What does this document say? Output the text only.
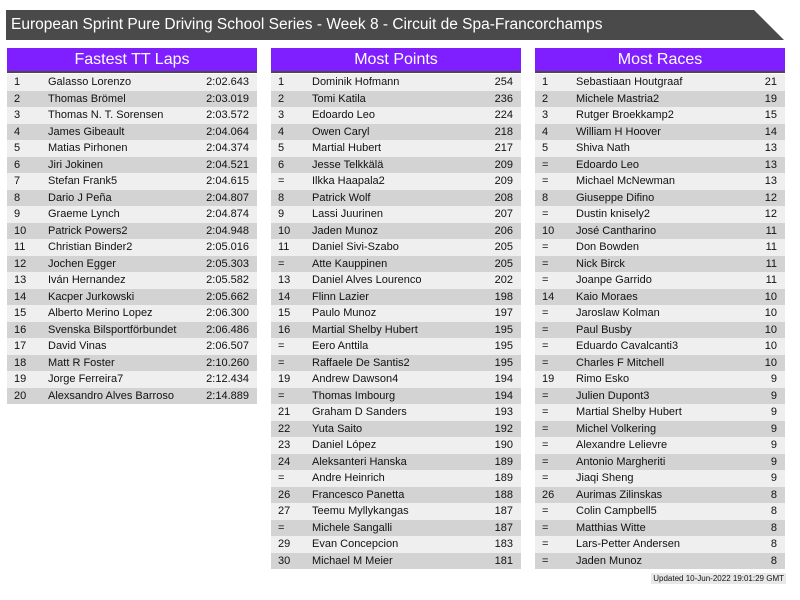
European Sprint Pure Driving School Series - Week 8 - Circuit de Spa-Francorchamps
Fastest TT Laps
1	Galasso Lorenzo	2:02.643
2	Thomas Brömel	2:03.019
3	Thomas N. T. Sorensen	2:03.572
4	James Gibeault	2:04.064
5	Matias Pirhonen	2:04.374
6	Jiri Jokinen	2:04.521
7	Stefan Frank5	2:04.615
8	Dario J Peña	2:04.807
9	Graeme Lynch	2:04.874
10 Patrick Powers2	2:04.948
11 Christian Binder2	2:05.016
12 Jochen Egger	2:05.303
13 Iván Hernandez	2:05.582
14 Kacper Jurkowski	2:05.662
15 Alberto Merino Lopez	2:06.300
16 Svenska Bilsportförbundet	2:06.486
17 David Vinas	2:06.507
18 Matt R Foster	2:10.260
19 Jorge Ferreira7	2:12.434
20 Alexsandro Alves Barroso	2:14.889
Most Points
1	Dominik Hofmann	254
2	Tomi Katila	236
3	Edoardo Leo	224
4	Owen Caryl	218
5	Martial Hubert	217
6	Jesse Telkkälä	209
=	Ilkka Haapala2	209
8	Patrick Wolf	208
9	Lassi Juurinen	207
10 Jaden Munoz	206
11 Daniel Sivi-Szabo	205
=	Atte Kauppinen	205
13 Daniel Alves Lourenco	202
14 Flinn Lazier	198
15 Paulo Munoz	197
16 Martial Shelby Hubert	195
=	Eero Anttila	195
=	Raffaele De Santis2	195
19 Andrew Dawson4	194
=	Thomas Imbourg	194
21 Graham D Sanders	193
22 Yuta Saito	192
23 Daniel López	190
24 Aleksanteri Hanska	189
=	Andre Heinrich	189
26 Francesco Panetta	188
27 Teemu Myllykangas	187
=	Michele Sangalli	187
29 Evan Concepcion	183
30 Michael M Meier	181
Most Races
1	Sebastiaan Houtgraaf	21
2	Michele Mastria2	19
3	Rutger Broekkamp2	15
4	William H Hoover	14
5	Shiva Nath	13
=	Edoardo Leo	13
=	Michael McNewman	13
8	Giuseppe Difino	12
=	Dustin knisely2	12
10 José Cantharino	11
=	Don Bowden	11
=	Nick Birck	11
=	Joanpe Garrido	11
14 Kaio Moraes	10
=	Jaroslaw Kolman	10
=	Paul Busby	10
=	Eduardo Cavalcanti3	10
=	Charles F Mitchell	10
19 Rimo Esko	9
=	Julien Dupont3	9
=	Martial Shelby Hubert	9
=	Michel Volkering	9
=	Alexandre Lelievre	9
=	Antonio Margheriti	9
=	Jiaqi Sheng	9
26 Aurimas Zilinskas	8
=	Colin Campbell5	8
=	Matthias Witte	8
=	Lars-Petter Andersen	8
=	Jaden Munoz	8
Updated 10-Jun-2022 19:01:29 GMT
